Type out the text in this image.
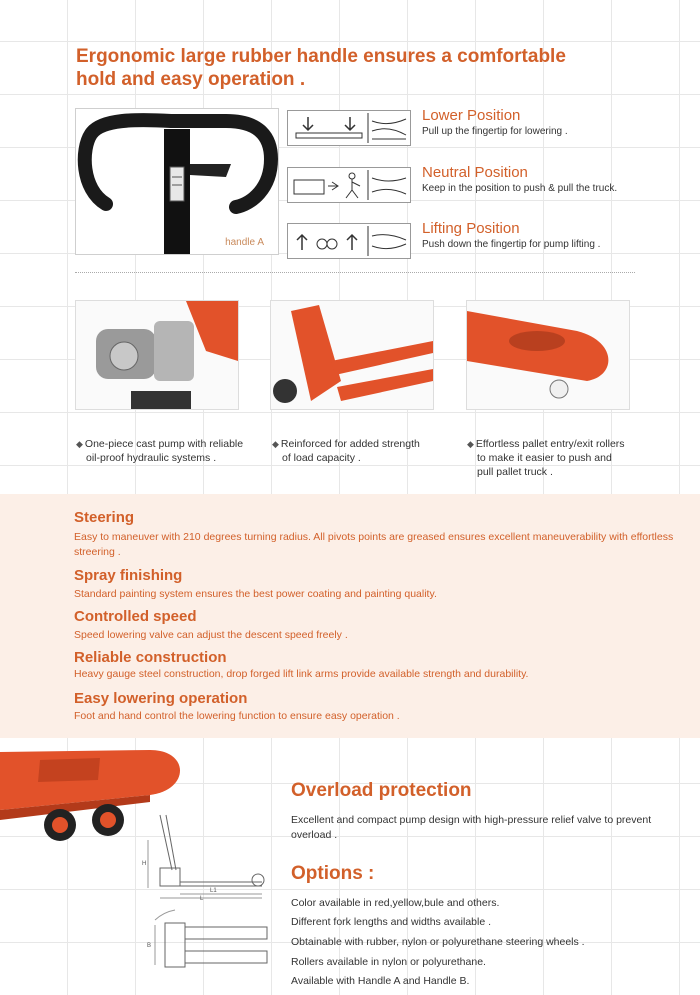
Ergonomic large rubber handle ensures a comfortable
hold and easy operation .
handle A
Lower Position
Pull up the fingertip for lowering .
Neutral Position
Keep in the position to push & pull the truck.
Lifting Position
Push down the fingertip for pump lifting .
◆ One-piece cast pump with reliable
oil-proof hydraulic systems .
◆ Reinforced for added strength
of load capacity .
◆ Effortless pallet entry/exit rollers
to make it easier to push and
pull pallet truck .
Steering
Easy to maneuver with 210 degrees turning radius. All pivots points are greased ensures excellent maneuverability with effortless streering .
Spray finishing
Standard painting system ensures the best power coating and painting quality.
Controlled speed
Speed lowering valve can adjust the descent speed freely .
Reliable construction
Heavy gauge steel construction, drop forged lift link arms provide available strength and durability.
Easy lowering operation
Foot and hand control the lowering function to ensure easy operation .
L1
L
H
B
Overload protection
Excellent and compact pump design with high-pressure relief valve to prevent overload .
Options :
Color available in red,yellow,bule and others.
Different fork lengths and widths available .
Obtainable with rubber, nylon or polyurethane steering wheels .
Rollers available in nylon or polyurethane.
Available with Handle A and Handle B.
